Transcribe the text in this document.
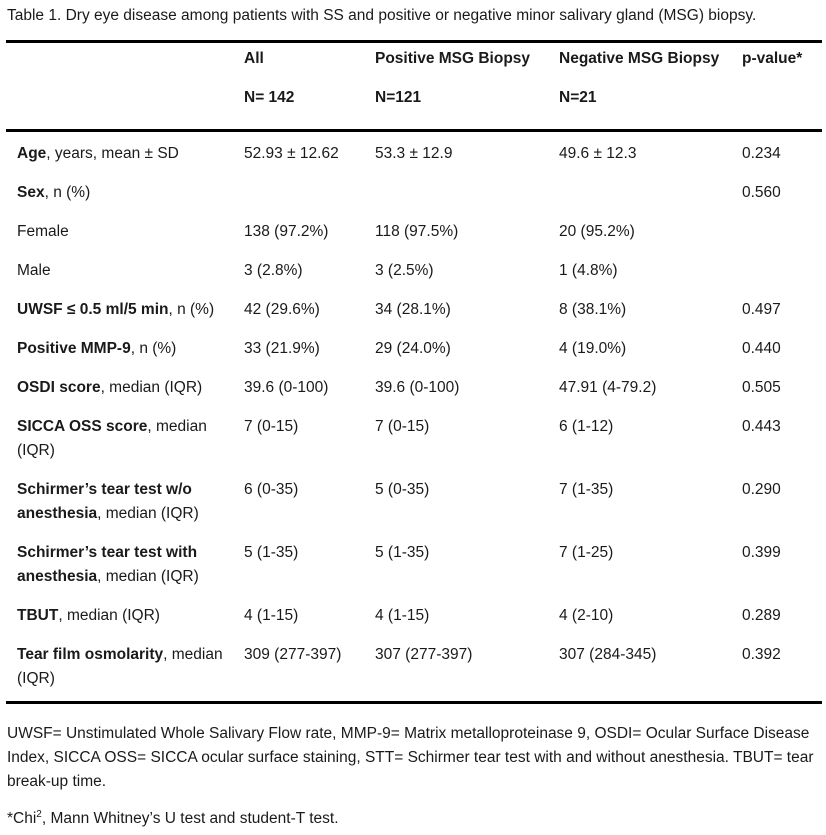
Table 1. Dry eye disease among patients with SS and positive or negative minor salivary gland (MSG) biopsy.
	All	Positive MSG Biopsy	Negative MSG Biopsy	p-value*
	N= 142	N=121	N=21	
Age, years, mean ± SD	52.93 ± 12.62	53.3 ± 12.9	49.6 ± 12.3	0.234
Sex, n (%)				0.560
Female	138 (97.2%)	118 (97.5%)	20 (95.2%)	
Male	3 (2.8%)	3 (2.5%)	1 (4.8%)	
UWSF ≤ 0.5 ml/5 min, n (%)	42 (29.6%)	34 (28.1%)	8 (38.1%)	0.497
Positive MMP-9, n (%)	33 (21.9%)	29 (24.0%)	4 (19.0%)	0.440
OSDI score, median (IQR)	39.6 (0-100)	39.6 (0-100)	47.91 (4-79.2)	0.505
SICCA OSS score, median (IQR)	7 (0-15)	7 (0-15)	6 (1-12)	0.443
Schirmer’s tear test w/o anesthesia, median (IQR)	6 (0-35)	5 (0-35)	7 (1-35)	0.290
Schirmer’s tear test with anesthesia, median (IQR)	5 (1-35)	5 (1-35)	7 (1-25)	0.399
TBUT, median (IQR)	4 (1-15)	4 (1-15)	4 (2-10)	0.289
Tear film osmolarity, median (IQR)	309 (277-397)	307 (277-397)	307 (284-345)	0.392
UWSF= Unstimulated Whole Salivary Flow rate, MMP-9= Matrix metalloproteinase 9, OSDI= Ocular Surface Disease Index, SICCA OSS= SICCA ocular surface staining, STT= Schirmer tear test with and without anesthesia. TBUT= tear break-up time.
*Chi$^2$, Mann Whitney’s U test and student-T test.
